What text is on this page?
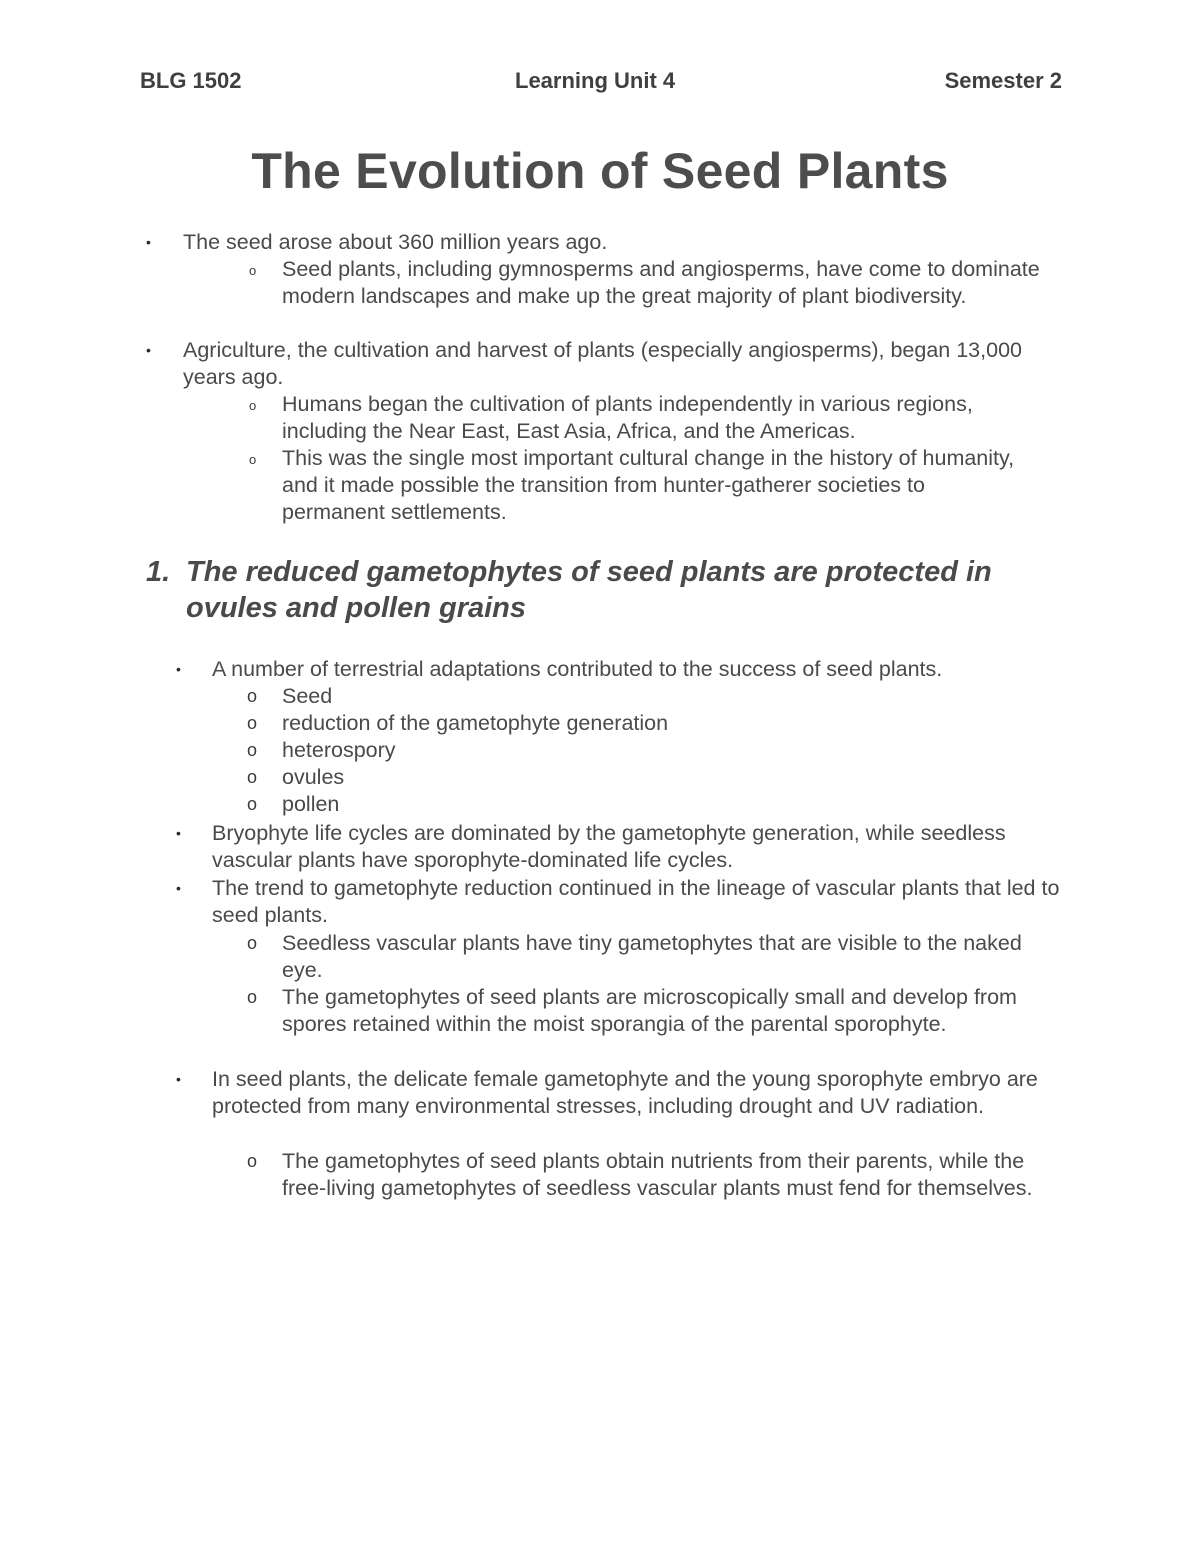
BLG 1502	Learning Unit 4	Semester 2
The Evolution of Seed Plants
• The seed arose about 360 million years ago.
o Seed plants, including gymnosperms and angiosperms, have come to dominate modern landscapes and make up the great majority of plant biodiversity.
• Agriculture, the cultivation and harvest of plants (especially angiosperms), began 13,000 years ago.
o Humans began the cultivation of plants independently in various regions, including the Near East, East Asia, Africa, and the Americas.
o This was the single most important cultural change in the history of humanity, and it made possible the transition from hunter-gatherer societies to permanent settlements.
1. The reduced gametophytes of seed plants are protected in ovules and pollen grains
• A number of terrestrial adaptations contributed to the success of seed plants.
o Seed
o reduction of the gametophyte generation
o heterospory
o ovules
o pollen
• Bryophyte life cycles are dominated by the gametophyte generation, while seedless vascular plants have sporophyte-dominated life cycles.
• The trend to gametophyte reduction continued in the lineage of vascular plants that led to seed plants.
o Seedless vascular plants have tiny gametophytes that are visible to the naked eye.
o The gametophytes of seed plants are microscopically small and develop from spores retained within the moist sporangia of the parental sporophyte.
• In seed plants, the delicate female gametophyte and the young sporophyte embryo are protected from many environmental stresses, including drought and UV radiation.
o The gametophytes of seed plants obtain nutrients from their parents, while the free-living gametophytes of seedless vascular plants must fend for themselves.
